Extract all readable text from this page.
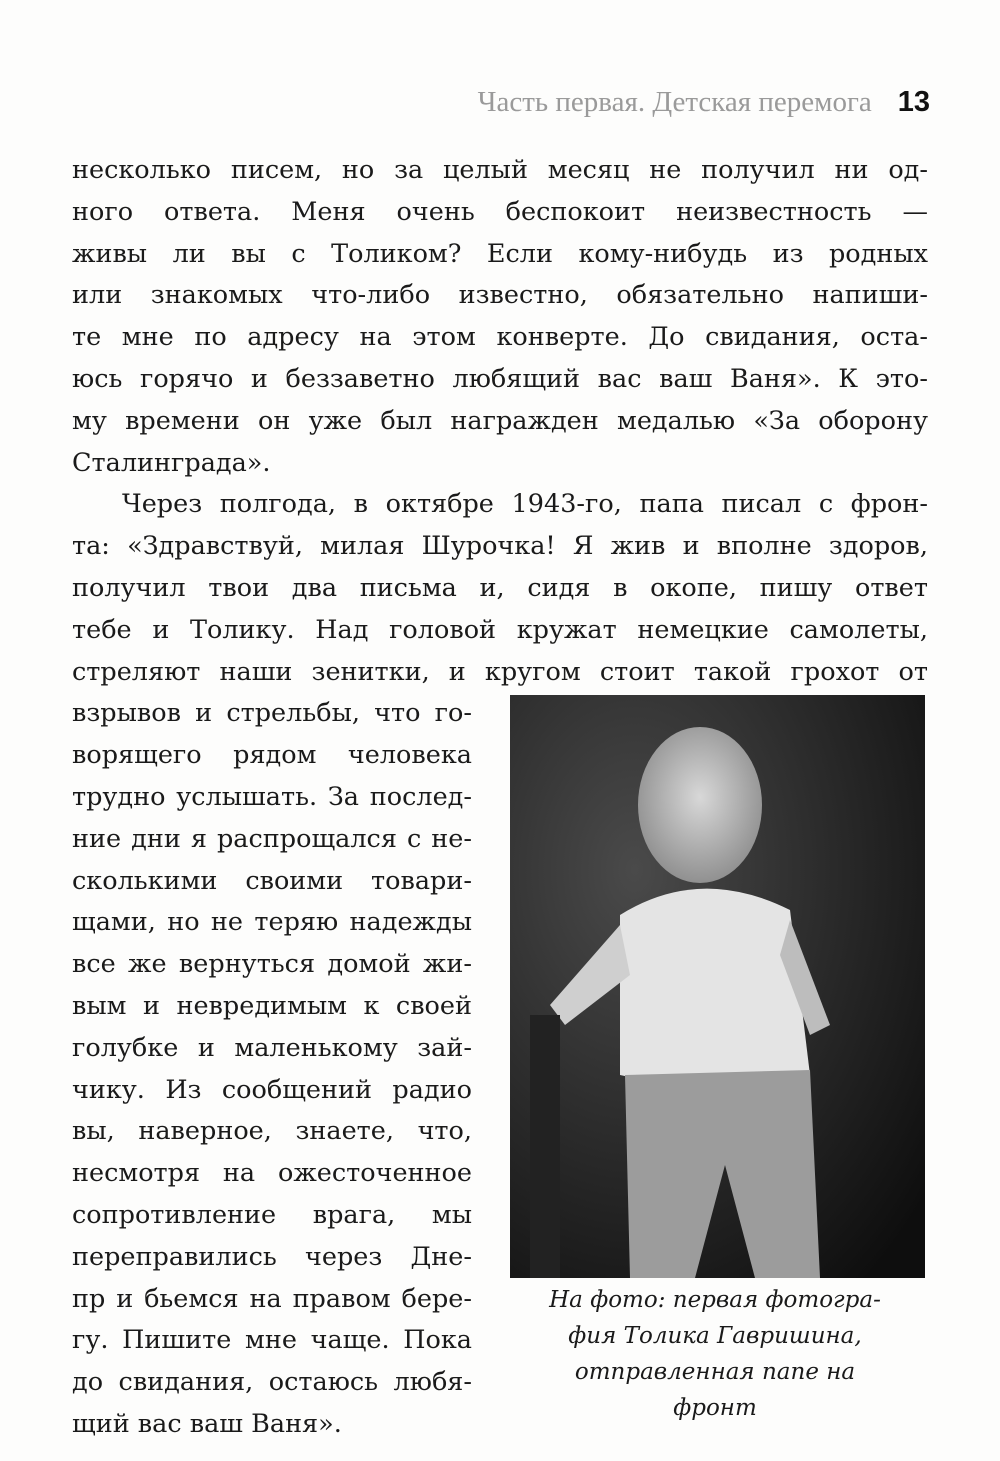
Часть первая. Детская перемога 13
несколько писем, но за целый месяц не получил ни од-
ного ответа. Меня очень беспокоит неизвестность —
живы ли вы с Толиком? Если кому-нибудь из родных
или знакомых что-либо известно, обязательно напиши-
те мне по адресу на этом конверте. До свидания, оста-
юсь горячо и беззаветно любящий вас ваш Ваня». К это-
му времени он уже был награжден медалью «За оборону
Сталинграда».
Через полгода, в октябре 1943-го, папа писал с фрон-
та: «Здравствуй, милая Шурочка! Я жив и вполне здоров,
получил твои два письма и, сидя в окопе, пишу ответ
тебе и Толику. Над головой кружат немецкие самолеты,
стреляют наши зенитки, и кругом стоит такой грохот от
взрывов и стрельбы, что го-
ворящего рядом человека
трудно услышать. За послед-
ние дни я распрощался с не-
сколькими своими товари-
щами, но не теряю надежды
все же вернуться домой жи-
вым и невредимым к своей
голубке и маленькому зай-
чику. Из сообщений радио
вы, наверное, знаете, что,
несмотря на ожесточенное
сопротивление врага, мы
переправились через Дне-
пр и бьемся на правом бере-
гу. Пишите мне чаще. Пока
до свидания, остаюсь любя-
щий вас ваш Ваня».
На фото: первая фотогра-
фия Толика Гавришина,
отправленная папе на
фронт
